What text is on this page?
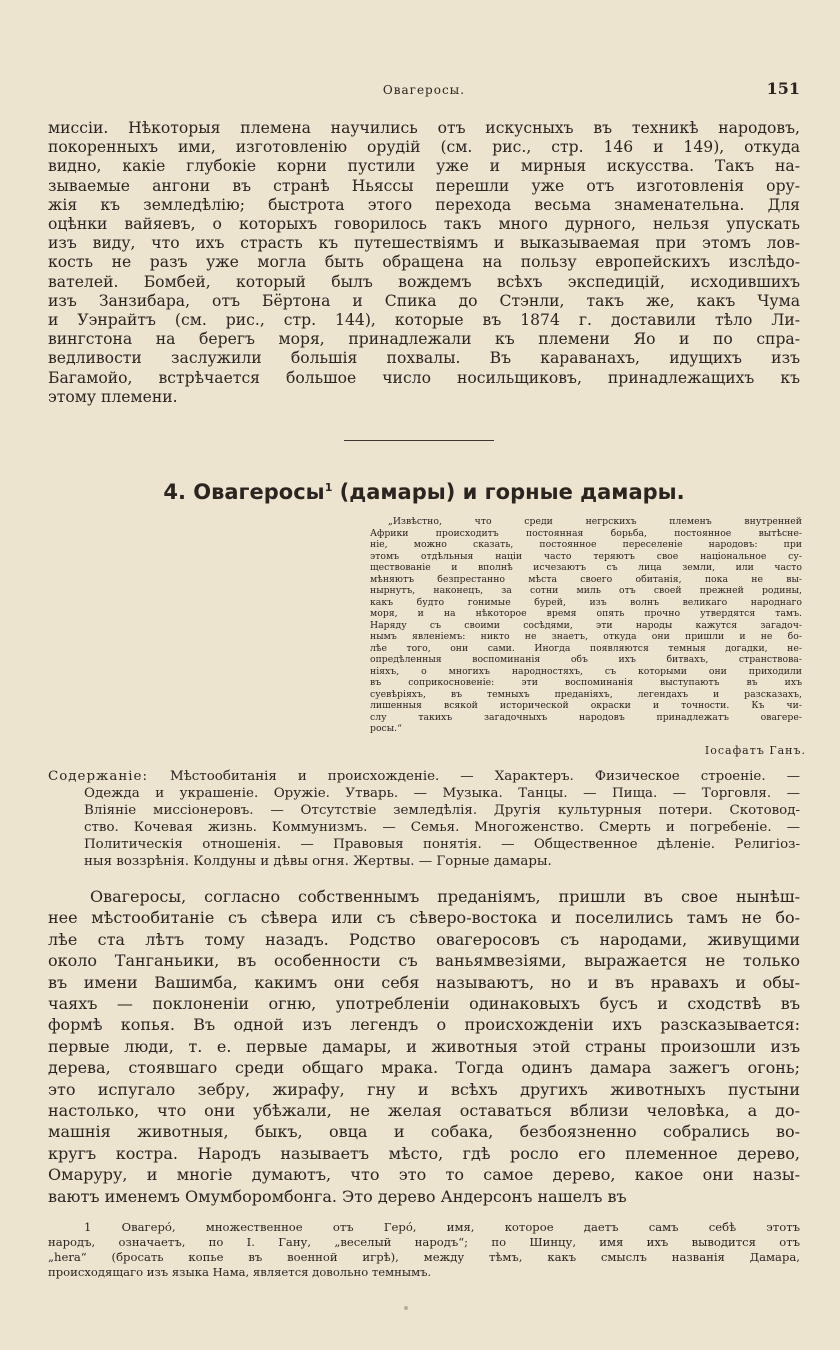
Овагеросы.	151
миссіи. Нѣкоторыя племена научились отъ искусныхъ въ техникѣ народовъ,
покоренныхъ ими, изготовленію орудій (см. рис., стр. 146 и 149), откуда
видно, какіе глубокіе корни пустили уже и мирныя искусства. Такъ на-
зываемые ангони въ странѣ Ньяссы перешли уже отъ изготовленія ору-
жія къ земледѣлію; быстрота этого перехода весьма знаменательна. Для
оцѣнки вайяевъ, о которыхъ говорилось такъ много дурного, нельзя упускать
изъ виду, что ихъ страсть къ путешествіямъ и выказываемая при этомъ лов-
кость не разъ уже могла быть обращена на пользу европейскихъ изслѣдо-
вателей. Бомбей, который былъ вождемъ всѣхъ экспедицій, исходившихъ
изъ Занзибара, отъ Бёртона и Спика до Стэнли, такъ же, какъ Чума
и Уэнрайтъ (см. рис., стр. 144), которые въ 1874 г. доставили тѣло Ли-
вингстона на берегъ моря, принадлежали къ племени Яо и по спра-
ведливости заслужили большія похвалы. Въ караванахъ, идущихъ изъ
Багамойо, встрѣчается большое число носильщиковъ, принадлежащихъ къ
этому племени.
4. Овагеросы$^1$ (дамары) и горные дамары.
„Извѣстно, что среди негрскихъ племенъ внутренней
Африки происходитъ постоянная борьба, постоянное вытѣсне-
ніе, можно сказать, постоянное переселеніе народовъ: при
этомъ отдѣльныя націи часто теряютъ свое національное су-
ществованіе и вполнѣ исчезаютъ съ лица земли, или часто
мѣняютъ безпрестанно мѣста своего обитанія, пока не вы-
нырнутъ, наконецъ, за сотни миль отъ своей прежней родины,
какъ будто гонимые бурей, изъ волнъ великаго народнаго
моря, и на нѣкоторое время опять прочно утвердятся тамъ.
Наряду съ своими сосѣдями, эти народы кажутся загадоч-
нымъ явленіемъ: никто не знаетъ, откуда они пришли и не бо-
лѣе того, они сами. Иногда появляются темныя догадки, не-
опредѣленныя воспоминанія объ ихъ битвахъ, странствова-
ніяхъ, о многихъ народностяхъ, съ которыми они приходили
въ соприкосновеніе: эти воспоминанія выступаютъ въ ихъ
суевѣріяхъ, въ темныхъ преданіяхъ, легендахъ и разсказахъ,
лишенныя всякой исторической окраски и точности. Къ чи-
слу такихъ загадочныхъ народовъ принадлежатъ овагере-
росы.“
Іосафатъ Ганъ.
Содержаніе: Мѣстообитанія и происхожденіе. — Характеръ. Физическое строеніе. —
Одежда и украшеніе. Оружіе. Утварь. — Музыка. Танцы. — Пища. — Торговля. —
Вліяніе миссіонеровъ. — Отсутствіе земледѣлія. Другія культурныя потери. Скотовод-
ство. Кочевая жизнь. Коммунизмъ. — Семья. Многоженство. Смерть и погребеніе. —
Политическія отношенія. — Правовыя понятія. — Общественное дѣленіе. Религіоз-
ныя воззрѣнія. Колдуны и дѣвы огня. Жертвы. — Горные дамары.
Овагеросы, согласно собственнымъ преданіямъ, пришли въ свое нынѣш-
нее мѣстообитаніе съ сѣвера или съ сѣверо-востока и поселились тамъ не бо-
лѣе ста лѣтъ тому назадъ. Родство овагеросовъ съ народами, живущими
около Танганьики, въ особенности съ ваньямвезіями, выражается не только
въ имени Вашимба, какимъ они себя называютъ, но и въ нравахъ и обы-
чаяхъ — поклоненіи огню, употребленіи одинаковыхъ бусъ и сходствѣ въ
формѣ копья. Въ одной изъ легендъ о происхожденіи ихъ разсказывается:
первые люди, т. е. первые дамары, и животныя этой страны произошли изъ
дерева, стоявшаго среди общаго мрака. Тогда одинъ дамара зажегъ огонь;
это испугало зебру, жирафу, гну и всѣхъ другихъ животныхъ пустыни
настолько, что они убѣжали, не желая оставаться вблизи человѣка, а до-
машнія животныя, быкъ, овца и собака, безбоязненно собрались во-
кругъ костра. Народъ называетъ мѣсто, гдѣ росло его племенное дерево,
Омаруру, и многіе думаютъ, что это то самое дерево, какое они назы-
ваютъ именемъ Омумборомбонга. Это дерево Андерсонъ нашелъ въ
1 Овагеро́, множественное отъ Геро́, имя, которое даетъ самъ себѣ этотъ
народъ, означаетъ, по І. Гану, „веселый народъ“; по Шинцу, имя ихъ выводится отъ
„hera“ (бросать копье въ военной игрѣ), между тѣмъ, какъ смыслъ названія Дамара,
происходящаго изъ языка Нама, является довольно темнымъ.
